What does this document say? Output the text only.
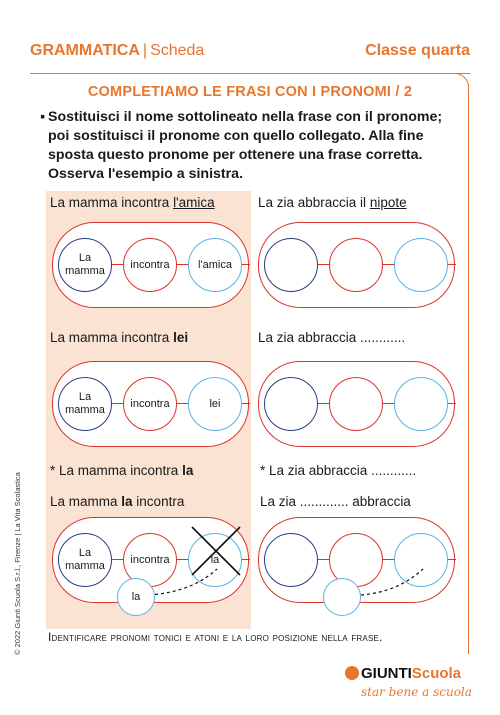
GRAMMATICA | Scheda	Classe quarta
COMPLETIAMO LE FRASI CON I PRONOMI / 2
▪ Sostituisci il nome sottolineato nella frase con il pronome; poi sostituisci il pronome con quello collegato. Alla fine sposta questo pronome per ottenere una frase corretta. Osserva l'esempio a sinistra.
La mamma incontra l'amica
La mamma
incontra	l'amica
La zia abbraccia il nipote
La mamma incontra lei
La mamma
incontra	lei
La zia abbraccia ............
* La mamma incontra la
La mamma la incontra
La mamma
incontra	la
la
* La zia abbraccia ............
La zia ............. abbraccia
Identificare pronomi tonici e atoni e la loro posizione nella frase.
© 2022 Giunti Scuola S.r.l., Firenze | La Vita Scolastica
GIUNTIScuola
star bene a scuola
